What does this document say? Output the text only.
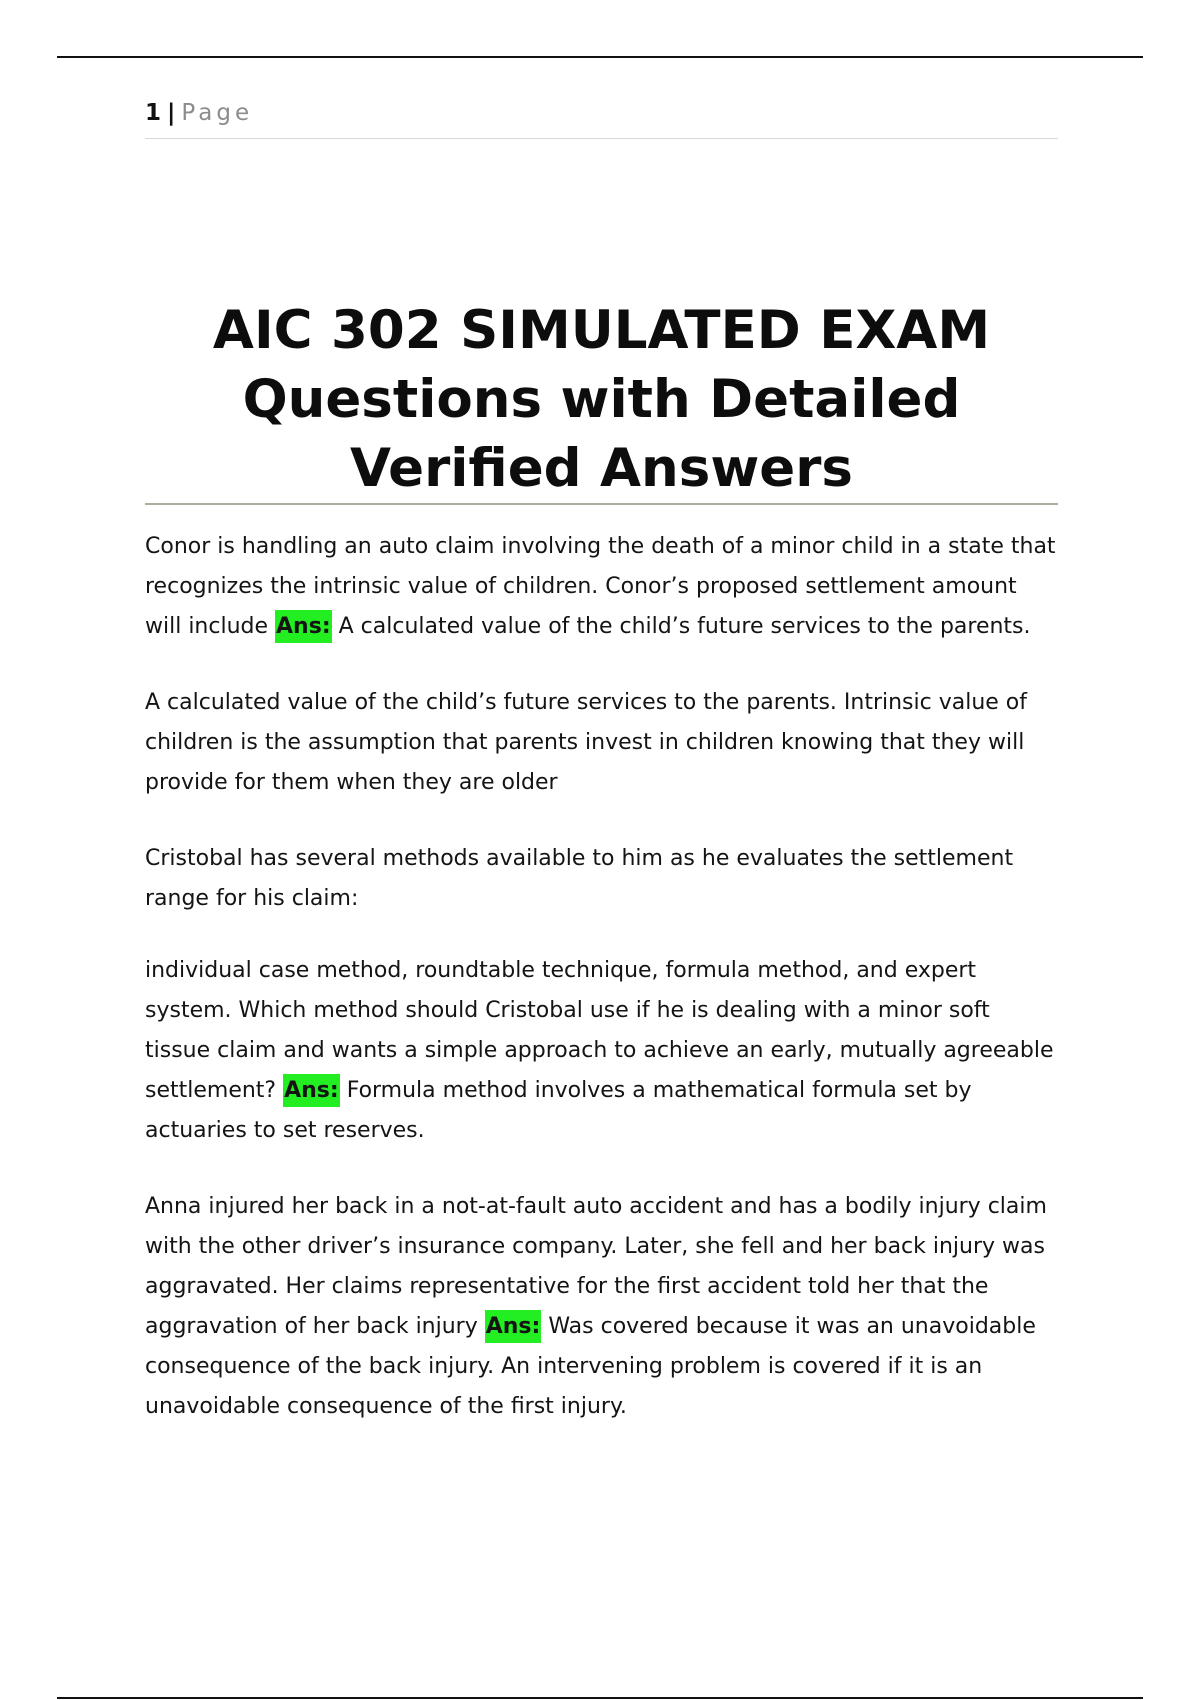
1 | Page
AIC 302 SIMULATED EXAM Questions with Detailed Verified Answers

Conor is handling an auto claim involving the death of a minor child in a state that recognizes the intrinsic value of children. Conor’s proposed settlement amount will include Ans: A calculated value of the child’s future services to the parents.

A calculated value of the child’s future services to the parents. Intrinsic value of children is the assumption that parents invest in children knowing that they will provide for them when they are older

Cristobal has several methods available to him as he evaluates the settlement range for his claim:

individual case method, roundtable technique, formula method, and expert system. Which method should Cristobal use if he is dealing with a minor soft tissue claim and wants a simple approach to achieve an early, mutually agreeable settlement? Ans: Formula method involves a mathematical formula set by actuaries to set reserves.

Anna injured her back in a not-at-fault auto accident and has a bodily injury claim with the other driver’s insurance company. Later, she fell and her back injury was aggravated. Her claims representative for the first accident told her that the aggravation of her back injury Ans: Was covered because it was an unavoidable consequence of the back injury. An intervening problem is covered if it is an unavoidable consequence of the first injury.
